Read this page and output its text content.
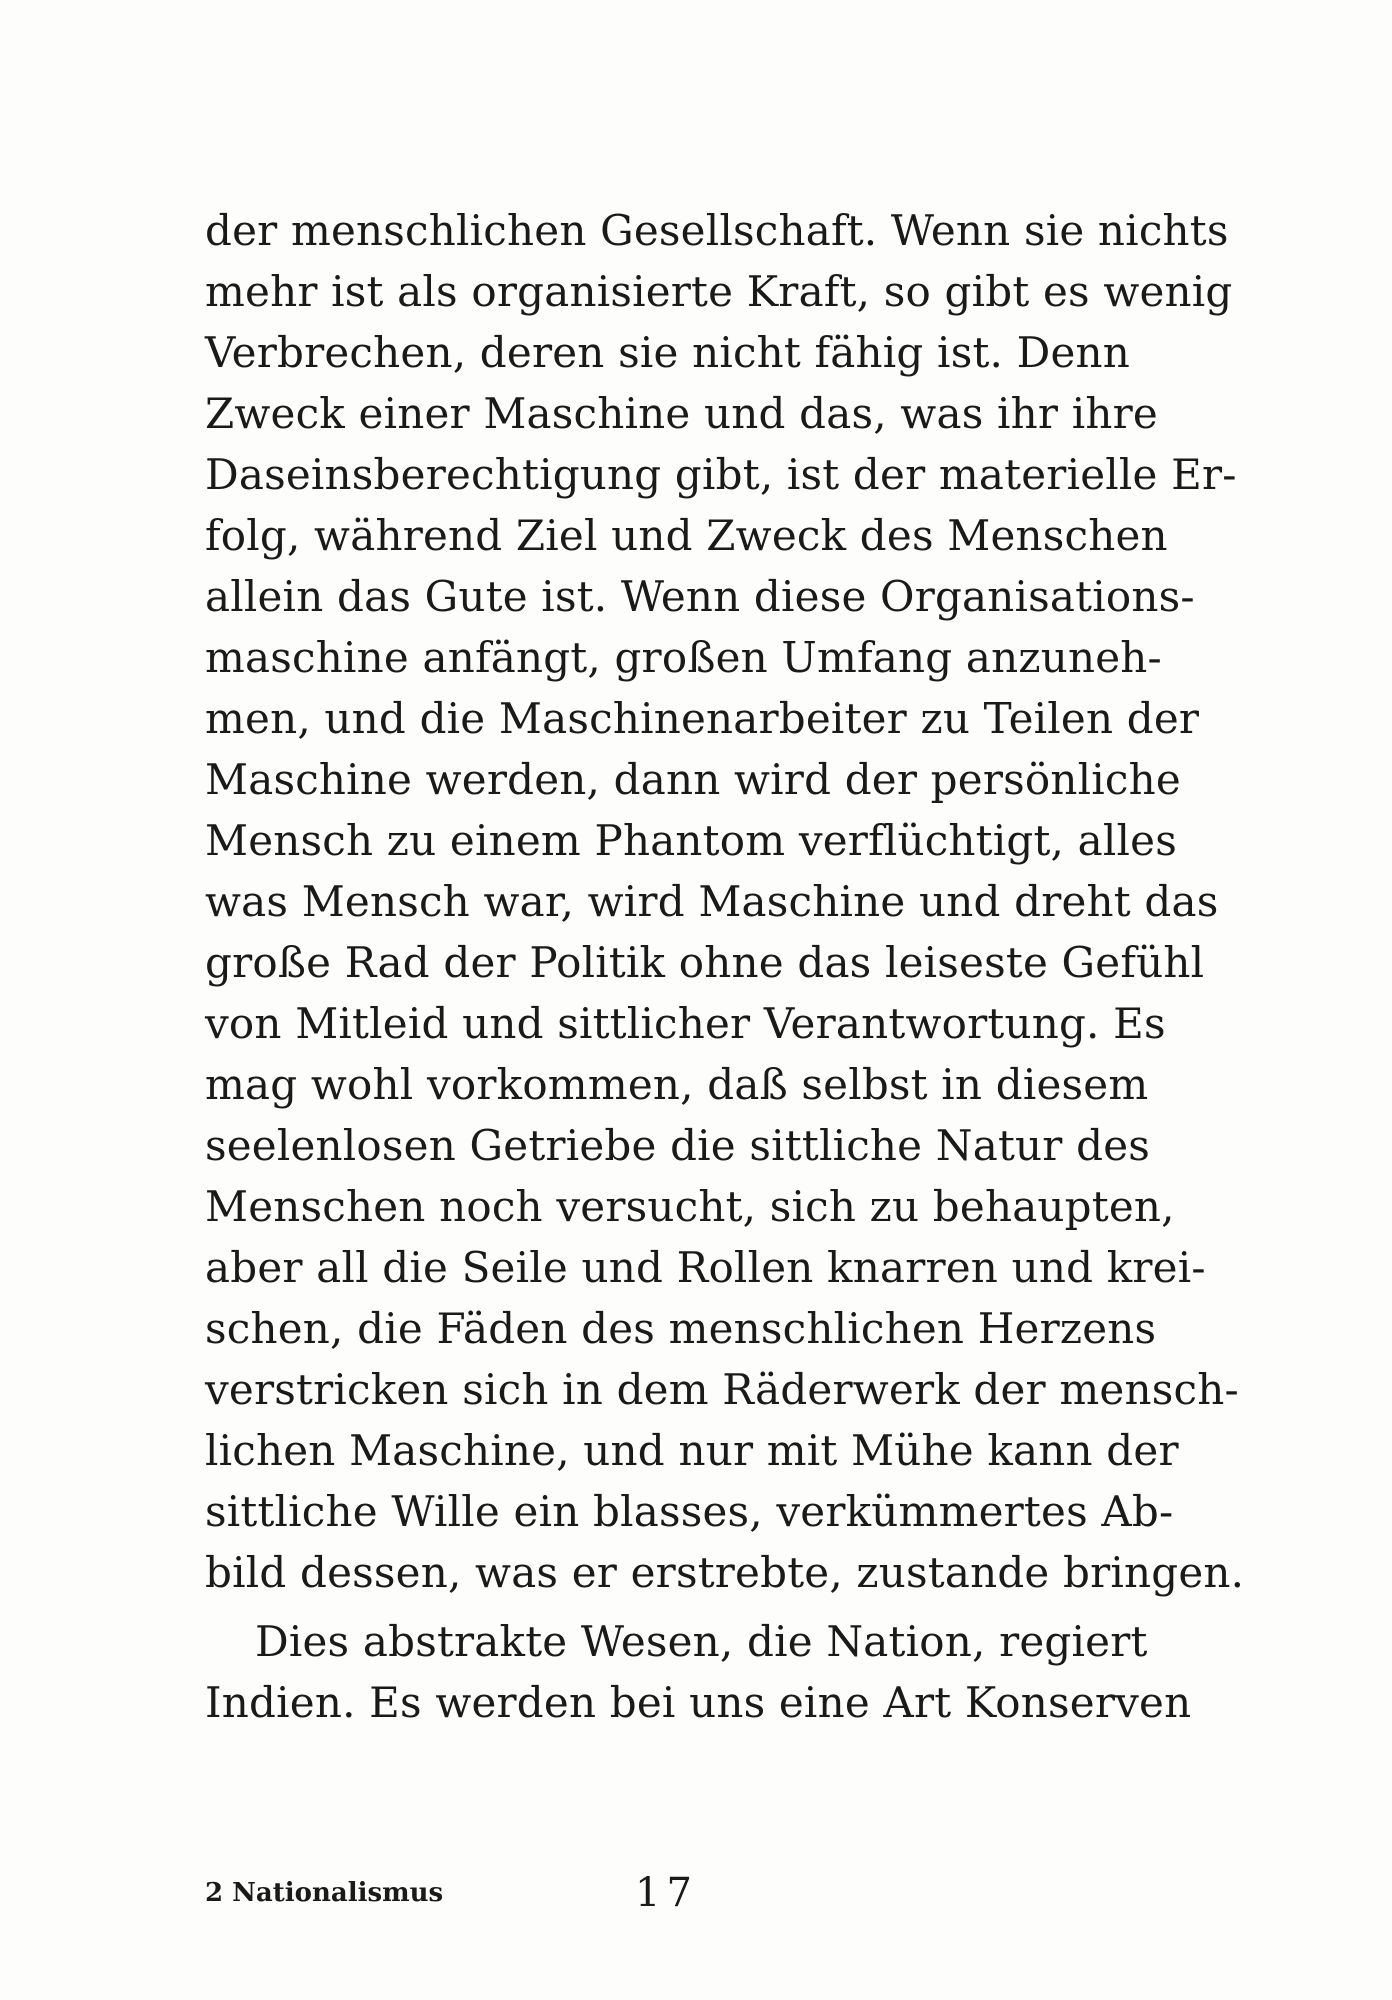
der menschlichen Gesellschaft. Wenn sie nichts
mehr ist als organisierte Kraft, so gibt es wenig
Verbrechen, deren sie nicht fähig ist. Denn
Zweck einer Maschine und das, was ihr ihre
Daseinsberechtigung gibt, ist der materielle Er-
folg, während Ziel und Zweck des Menschen
allein das Gute ist. Wenn diese Organisations-
maschine anfängt, großen Umfang anzuneh-
men, und die Maschinenarbeiter zu Teilen der
Maschine werden, dann wird der persönliche
Mensch zu einem Phantom verflüchtigt, alles
was Mensch war, wird Maschine und dreht das
große Rad der Politik ohne das leiseste Gefühl
von Mitleid und sittlicher Verantwortung. Es
mag wohl vorkommen, daß selbst in diesem
seelenlosen Getriebe die sittliche Natur des
Menschen noch versucht, sich zu behaupten,
aber all die Seile und Rollen knarren und krei-
schen, die Fäden des menschlichen Herzens
verstricken sich in dem Räderwerk der mensch-
lichen Maschine, und nur mit Mühe kann der
sittliche Wille ein blasses, verkümmertes Ab-
bild dessen, was er erstrebte, zustande bringen.
Dies abstrakte Wesen, die Nation, regiert
Indien. Es werden bei uns eine Art Konserven
2 Nationalismus	17
